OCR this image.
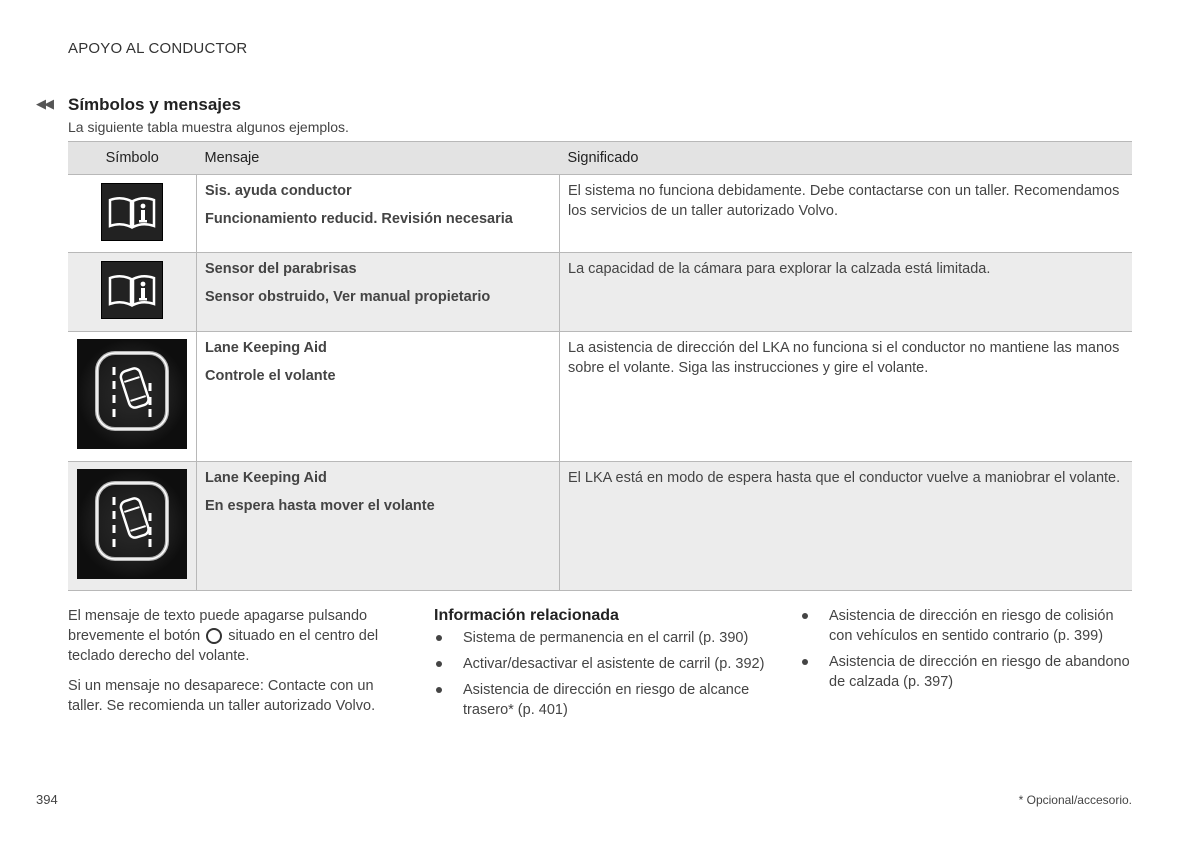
APOYO AL CONDUCTOR
◀◀ Símbolos y mensajes
La siguiente tabla muestra algunos ejemplos.
Símbolo	Mensaje	Significado

Sis. ayuda conductor
Funcionamiento reducid. Revisión necesaria	El sistema no funciona debidamente. Debe contactarse con un taller. Recomendamos los servicios de un taller autorizado Volvo.

Sensor del parabrisas
Sensor obstruido, Ver manual propietario	La capacidad de la cámara para explorar la calzada está limitada.

Lane Keeping Aid
Controle el volante	La asistencia de dirección del LKA no funciona si el conductor no mantiene las manos sobre el volante. Siga las instrucciones y gire el volante.

Lane Keeping Aid
En espera hasta mover el volante	El LKA está en modo de espera hasta que el conductor vuelve a maniobrar el volante.

El mensaje de texto puede apagarse pulsando brevemente el botón situado en el centro del teclado derecho del volante.

Si un mensaje no desaparece: Contacte con un taller. Se recomienda un taller autorizado Volvo.

Información relacionada
Sistema de permanencia en el carril (p. 390)
Activar/desactivar el asistente de carril (p. 392)
Asistencia de dirección en riesgo de alcance trasero* (p. 401)
Asistencia de dirección en riesgo de colisión con vehículos en sentido contrario (p. 399)
Asistencia de dirección en riesgo de abandono de calzada (p. 397)
394	* Opcional/accesorio.
